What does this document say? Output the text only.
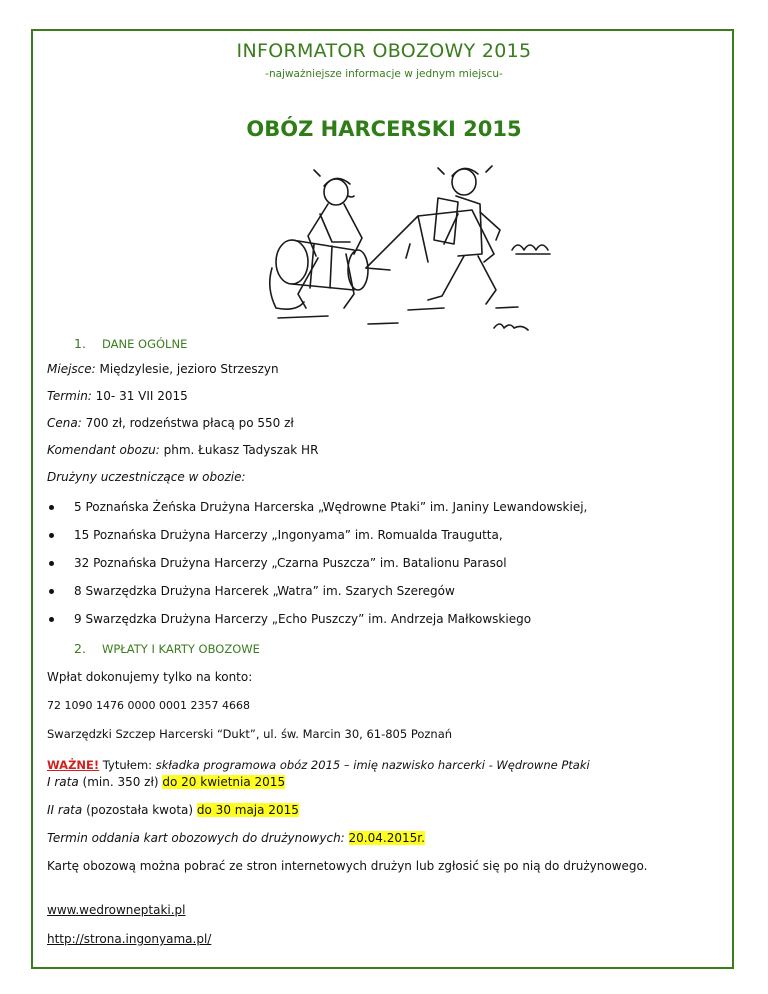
INFORMATOR OBOZOWY 2015
-najważniejsze informacje w jednym miejscu-
OBÓZ HARCERSKI 2015
1. DANE OGÓLNE
Miejsce: Międzylesie, jezioro Strzeszyn
Termin: 10- 31 VII 2015
Cena: 700 zł, rodzeństwa płacą po 550 zł
Komendant obozu: phm. Łukasz Tadyszak HR
Drużyny uczestniczące w obozie:
5 Poznańska Żeńska Drużyna Harcerska „Wędrowne Ptaki” im. Janiny Lewandowskiej,
15 Poznańska Drużyna Harcerzy „Ingonyama” im. Romualda Traugutta,
32 Poznańska Drużyna Harcerzy „Czarna Puszcza” im. Batalionu Parasol
8 Swarzędzka Drużyna Harcerek „Watra” im. Szarych Szeregów
9 Swarzędzka Drużyna Harcerzy „Echo Puszczy” im. Andrzeja Małkowskiego
2. WPŁATY I KARTY OBOZOWE
Wpłat dokonujemy tylko na konto:
72 1090 1476 0000 0001 2357 4668
Swarzędzki Szczep Harcerski “Dukt”, ul. św. Marcin 30, 61-805 Poznań
WAŻNE! Tytułem: składka programowa obóz 2015 – imię nazwisko harcerki - Wędrowne Ptaki
I rata (min. 350 zł) do 20 kwietnia 2015
II rata (pozostała kwota) do 30 maja 2015
Termin oddania kart obozowych do drużynowych: 20.04.2015r.
Kartę obozową można pobrać ze stron internetowych drużyn lub zgłosić się po nią do drużynowego.
www.wedrowneptaki.pl
http://strona.ingonyama.pl/
